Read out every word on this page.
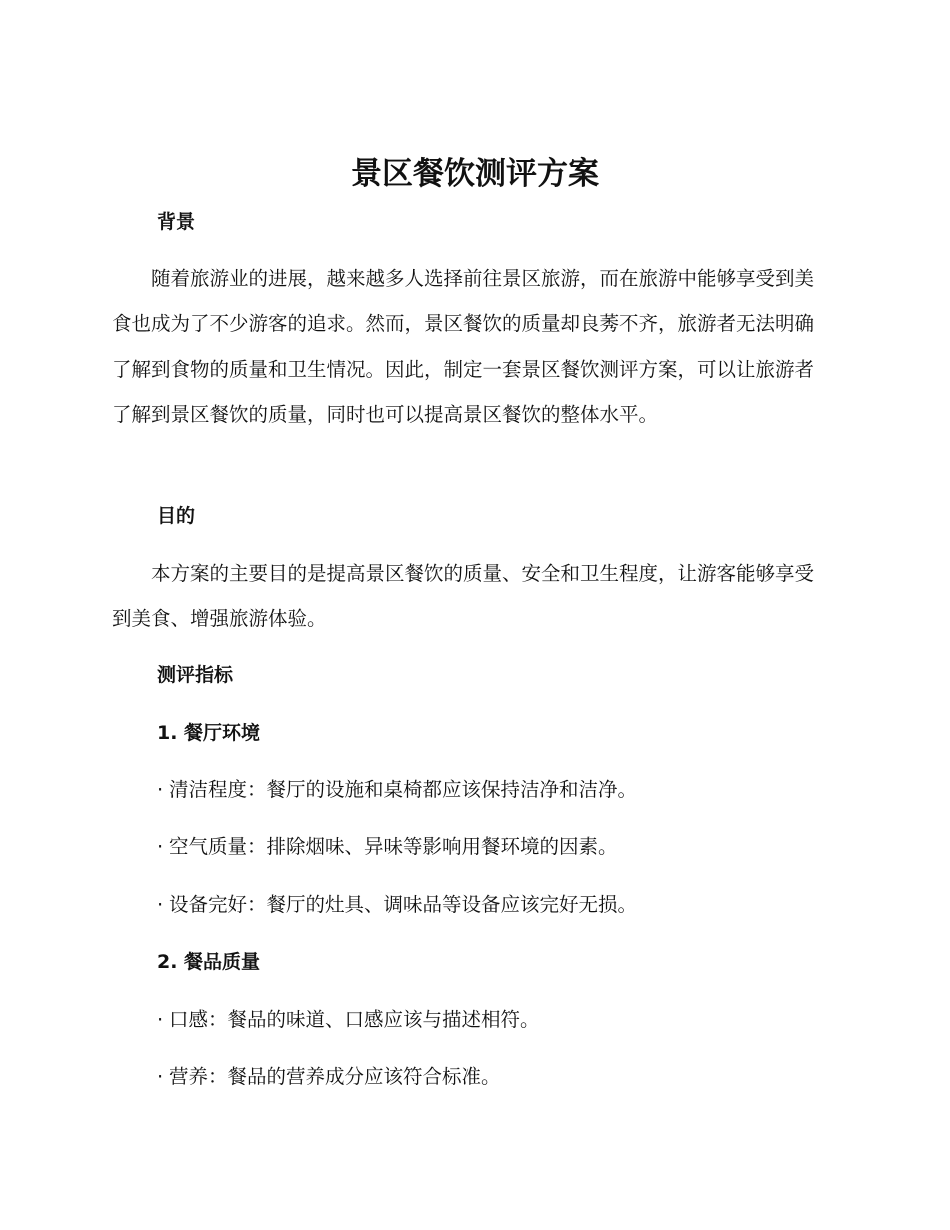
景区餐饮测评方案
背景

随着旅游业的进展，越来越多人选择前往景区旅游，而在旅游中能够享受到美食也成为了不少游客的追求。然而，景区餐饮的质量却良莠不齐，旅游者无法明确了解到食物的质量和卫生情况。因此，制定一套景区餐饮测评方案，可以让旅游者了解到景区餐饮的质量，同时也可以提高景区餐饮的整体水平。

目的

本方案的主要目的是提高景区餐饮的质量、安全和卫生程度，让游客能够享受到美食、增强旅游体验。

测评指标
1. 餐厅环境
· 清洁程度：餐厅的设施和桌椅都应该保持洁净和洁净。
· 空气质量：排除烟味、异味等影响用餐环境的因素。
· 设备完好：餐厅的灶具、调味品等设备应该完好无损。
2. 餐品质量
· 口感：餐品的味道、口感应该与描述相符。
· 营养：餐品的营养成分应该符合标准。
